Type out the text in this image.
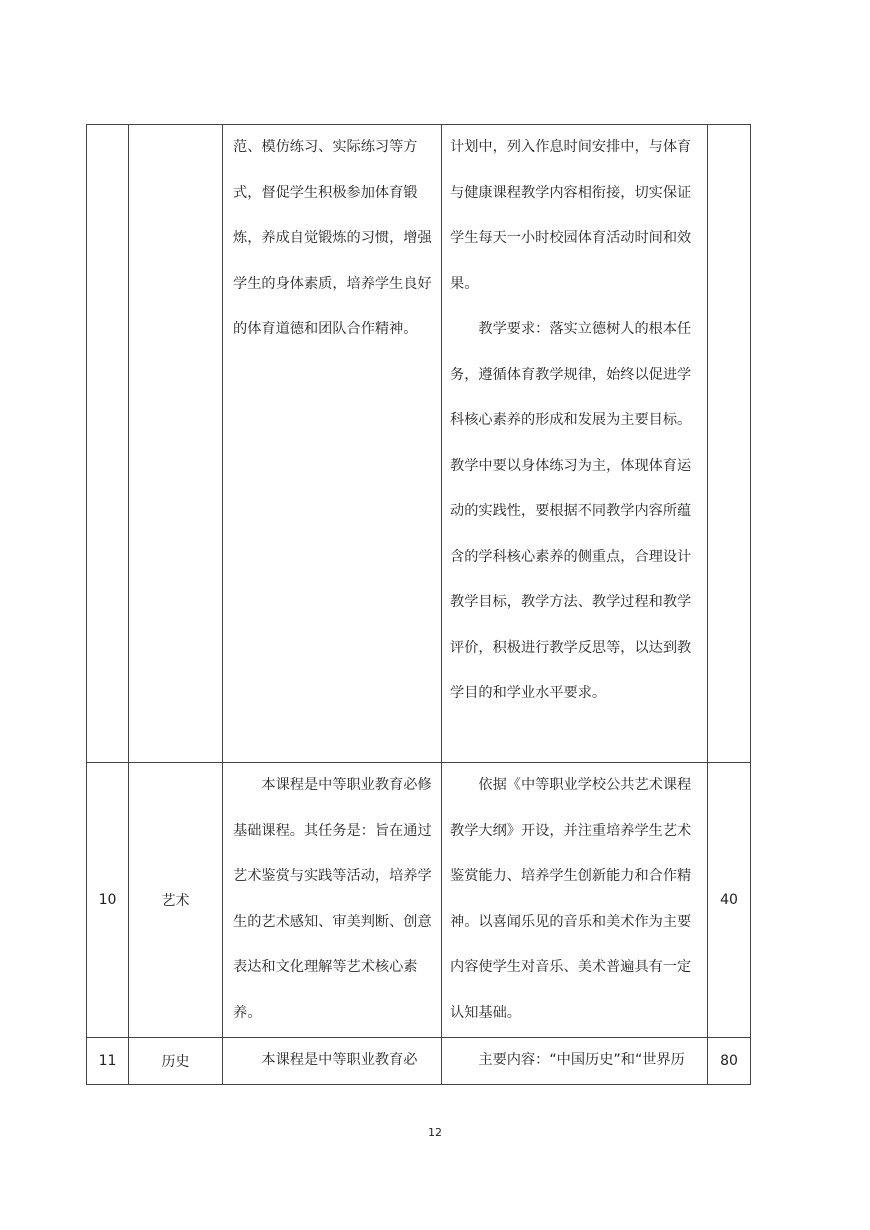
		范、模仿练习、实际练习等方式，督促学生积极参加体育锻炼，养成自觉锻炼的习惯，增强学生的身体素质，培养学生良好的体育道德和团队合作精神。	计划中，列入作息时间安排中，与体育与健康课程教学内容相衔接，切实保证学生每天一小时校园体育活动时间和效果。
　　教学要求：落实立德树人的根本任务，遵循体育教学规律，始终以促进学科核心素养的形成和发展为主要目标。教学中要以身体练习为主，体现体育运动的实践性，要根据不同教学内容所蕴含的学科核心素养的侧重点，合理设计教学目标，教学方法、教学过程和教学评价，积极进行教学反思等，以达到教学目的和学业水平要求。	

10	艺术	　　本课程是中等职业教育必修基础课程。其任务是：旨在通过艺术鉴赏与实践等活动，培养学生的艺术感知、审美判断、创意表达和文化理解等艺术核心素养。	　　依据《中等职业学校公共艺术课程教学大纲》开设，并注重培养学生艺术鉴赏能力、培养学生创新能力和合作精神。以喜闻乐见的音乐和美术作为主要内容使学生对音乐、美术普遍具有一定认知基础。	40
11	历史	　　本课程是中等职业教育必	　　主要内容：“中国历史”和“世界历	80
12
